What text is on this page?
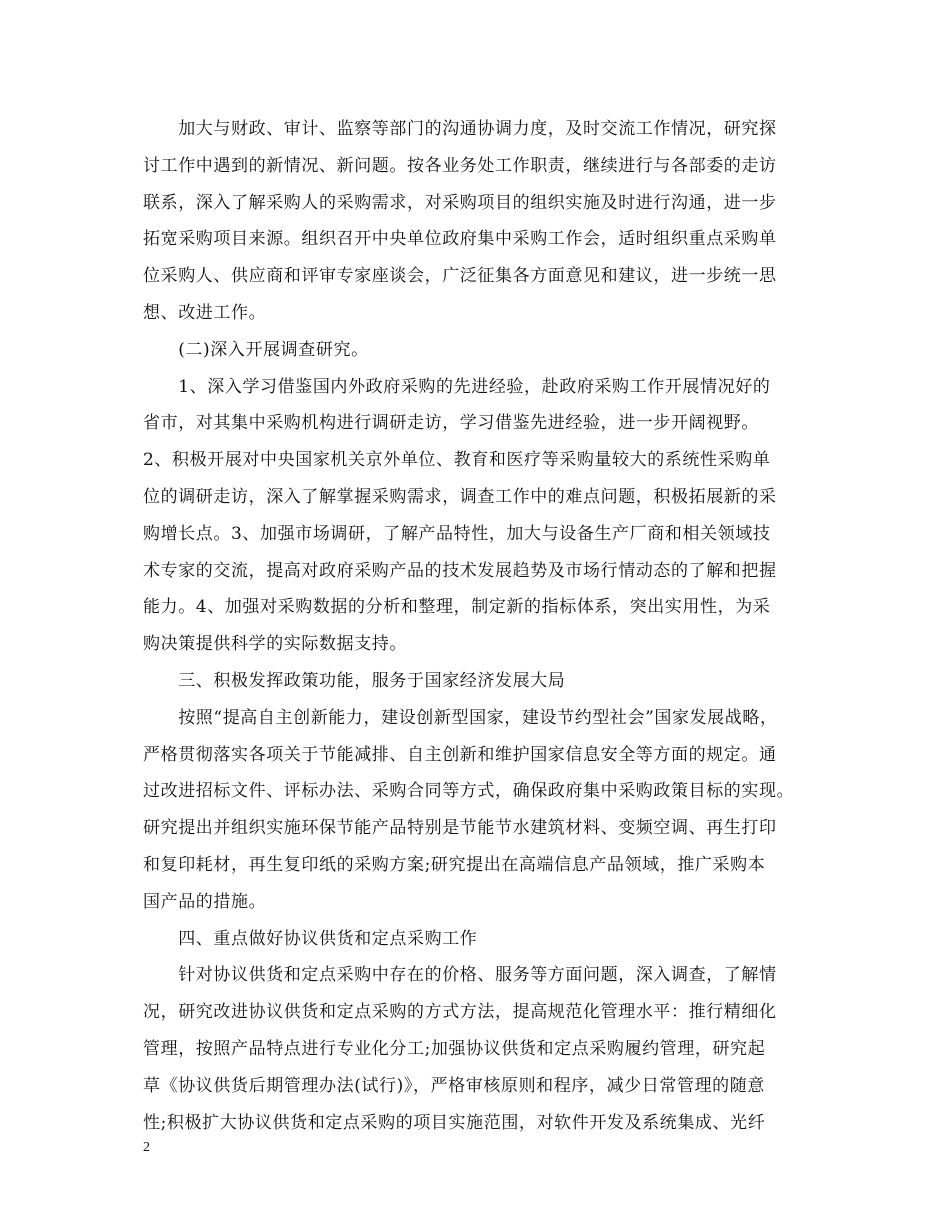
　　加大与财政、审计、监察等部门的沟通协调力度，及时交流工作情况，研究探
讨工作中遇到的新情况、新问题。按各业务处工作职责，继续进行与各部委的走访
联系，深入了解采购人的采购需求，对采购项目的组织实施及时进行沟通，进一步
拓宽采购项目来源。组织召开中央单位政府集中采购工作会，适时组织重点采购单
位采购人、供应商和评审专家座谈会，广泛征集各方面意见和建议，进一步统一思
想、改进工作。
　　(二)深入开展调查研究。
　　1、深入学习借鉴国内外政府采购的先进经验，赴政府采购工作开展情况好的
省市，对其集中采购机构进行调研走访，学习借鉴先进经验，进一步开阔视野。
2、积极开展对中央国家机关京外单位、教育和医疗等采购量较大的系统性采购单
位的调研走访，深入了解掌握采购需求，调查工作中的难点问题，积极拓展新的采
购增长点。3、加强市场调研，了解产品特性，加大与设备生产厂商和相关领域技
术专家的交流，提高对政府采购产品的技术发展趋势及市场行情动态的了解和把握
能力。4、加强对采购数据的分析和整理，制定新的指标体系，突出实用性，为采
购决策提供科学的实际数据支持。
　　三、积极发挥政策功能，服务于国家经济发展大局
　　按照“提高自主创新能力，建设创新型国家，建设节约型社会”国家发展战略，
严格贯彻落实各项关于节能减排、自主创新和维护国家信息安全等方面的规定。通
过改进招标文件、评标办法、采购合同等方式，确保政府集中采购政策目标的实现。
研究提出并组织实施环保节能产品特别是节能节水建筑材料、变频空调、再生打印
和复印耗材，再生复印纸的采购方案;研究提出在高端信息产品领域，推广采购本
国产品的措施。
　　四、重点做好协议供货和定点采购工作
　　针对协议供货和定点采购中存在的价格、服务等方面问题，深入调查，了解情
况，研究改进协议供货和定点采购的方式方法，提高规范化管理水平：推行精细化
管理，按照产品特点进行专业化分工;加强协议供货和定点采购履约管理，研究起
草《协议供货后期管理办法(试行)》，严格审核原则和程序，减少日常管理的随意
性;积极扩大协议供货和定点采购的项目实施范围，对软件开发及系统集成、光纤
2
